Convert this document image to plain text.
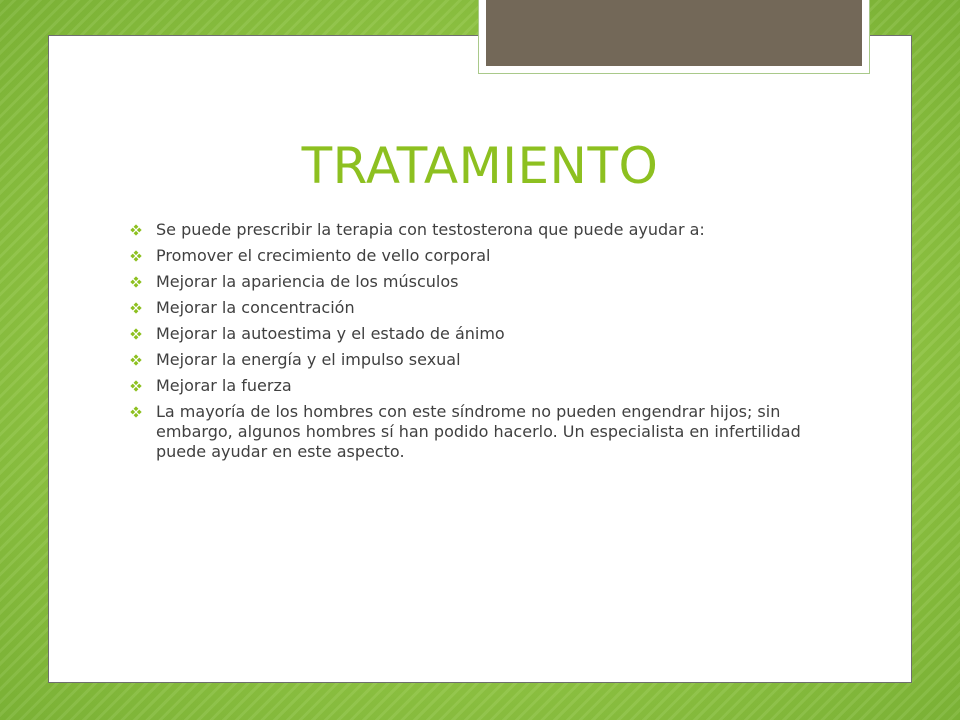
TRATAMIENTO
Se puede prescribir la terapia con testosterona que puede ayudar a:
Promover el crecimiento de vello corporal
Mejorar la apariencia de los músculos
Mejorar la concentración
Mejorar la autoestima y el estado de ánimo
Mejorar la energía y el impulso sexual
Mejorar la fuerza
La mayoría de los hombres con este síndrome no pueden engendrar hijos; sin embargo, algunos hombres sí han podido hacerlo. Un especialista en infertilidad puede ayudar en este aspecto.
